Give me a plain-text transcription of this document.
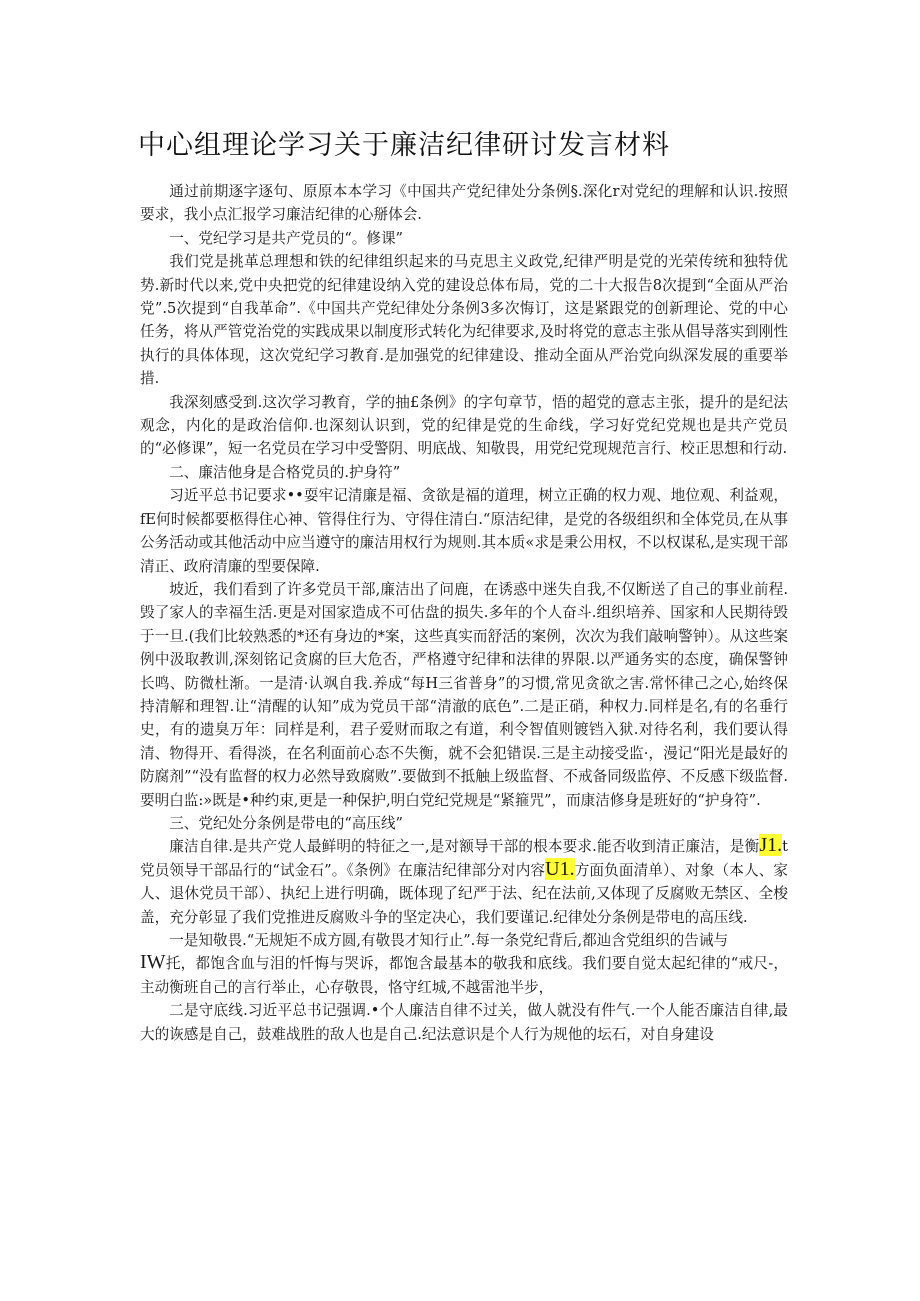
中心组理论学习关于廉洁纪律研讨发言材料

通过前期逐字逐句、原原本本学习《中国共产党纪律处分条例§.深化r对党纪的理解和认识.按照要求，我小点汇报学习廉洁纪律的心掰体会.

一、党纪学习是共产党员的“。修课”

我们党是挑革总理想和铁的纪律组织起来的马克思主义政党,纪律严明是党的光荣传统和独特优势.新时代以来,党中央把党的纪律建设纳入党的建设总体布局，党的二十大报告8次提到“全面从严治党”.5次提到“自我革命”.《中国共产党纪律处分条例3多次悔订，这是紧跟党的创新理论、党的中心任务，将从严管党治党的实践成果以制度形式转化为纪律要求,及时将党的意志主张从倡导落实到刚性执行的具体体现，这次党纪学习教育.是加强党的纪律建设、推动全面从严治党向纵深发展的重要举措.

我深刻感受到.这次学习教育，学的抽£条例》的字句章节，悟的超党的意志主张，提升的是纪法观念，内化的是政治信仰.也深刻认识到，党的纪律是党的生命线，学习好党纪党规也是共产党员的“必修课”，短一名党员在学习中受警阴、明底战、知敬畏，用党纪党现规范言行、校正思想和行动.

二、廉洁他身是合格党员的.护身符”

习近平总书记要求••耍牢记清廉是福、贪欲是福的道理，树立正确的权力观、地位观、利益观，fE何时候都要柩得住心神、管得住行为、守得住清白.“原洁纪律，是党的各级组织和全体党员,在从事公务活动或其他活动中应当遵守的廉洁用权行为规则.其本质«求是秉公用权，不以权谋私,是实现干部清正、政府清廉的型要保障.

坡近，我们看到了许多党员干部,廉洁出了问鹿，在诱惑中迷失自我,不仅断送了自己的事业前程.毁了家人的幸福生活.更是对国家造成不可估盘的损失.多年的个人奋斗.组织培养、国家和人民期待毁于一旦.(我们比较熟悉的*还有身边的*案，这些真实而舒活的案例，次次为我们敲响警钟）。从这些案例中汲取教训,深刻铭记贪腐的巨大危否，严格遵守纪律和法律的界限.以严通务实的态度，确保警钟长鸣、防微杜渐。一是清·认飒自我.养成“每H三省普身”的习惯,常见贪欲之害.常怀律己之心,始终保持清解和理智.让“清醒的认知”成为党员干部“清澈的底色”.二是正硝，种权力.同样是名,有的名垂行史，有的遗臭万年：同样是利，君子爱财而取之有道，利令智值则镀铛入狱.对待名利，我们要认得清、物得开、看得淡，在名利面前心态不失衡，就不会犯错误.三是主动接受监·，漫记“阳光是最好的防腐剂”“没有监督的权力必然导致腐败”.要做到不抵触上级监督、不戒备同级监停、不反感下级监督.要明白监:»既是•种约束,更是一种保护,明白党纪党规是“紧箍咒”，而康洁修身是班好的“护身符”.

三、党纪处分条例是带电的“高压线”

廉洁自律.是共产党人最鲜明的特征之一,是对额导干部的根本要求.能否收到清正廉洁，是衡J1.t党员领导干部品行的“试金石”。《条例》在廉洁纪律部分对内容U1.方面负面清单）、对象（本人、家人、退休党员干部）、执纪上进行明确，既体现了纪严于法、纪在法前,又体现了反腐败无禁区、全梭盖，充分彰显了我们党推进反腐败斗争的坚定决心，我们要谨记.纪律处分条例是带电的高压线.

一是知敬畏.“无规矩不成方圆,有敬畏才知行止”.每一条党纪背后,都辿含党组织的告诫与
IW托，都饱含血与泪的忏悔与哭诉，都饱含最基本的敬我和底线。我们要自觉太起纪律的“戒尺-，主动衡班自己的言行举止，心存敬畏，恪守红城,不越雷池半步，

二是守底线.习近平总书记强调.•个人廉洁自律不过关，做人就没有件气.一个人能否廉洁自律,最大的诙感是自己，鼓难战胜的敌人也是自己.纪法意识是个人行为规他的坛石，对自身建设
